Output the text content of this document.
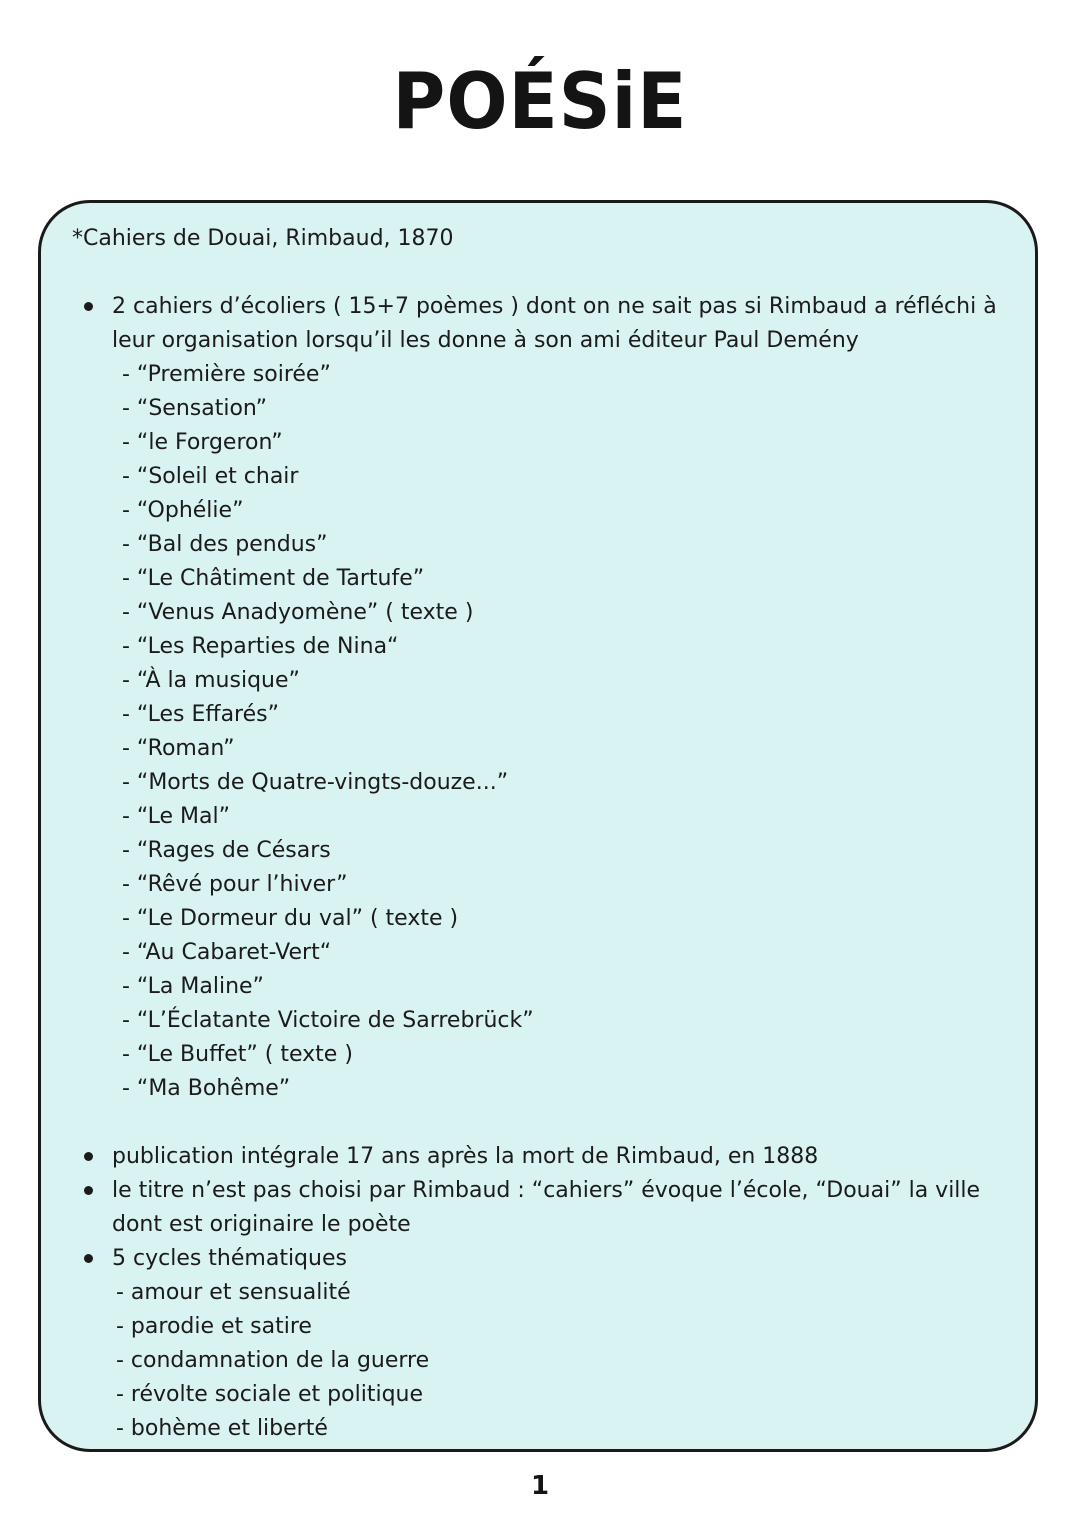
POÉSiE
*Cahiers de Douai, Rimbaud, 1870
2 cahiers d’écoliers ( 15+7 poèmes ) dont on ne sait pas si Rimbaud a réfléchi à
leur organisation lorsqu’il les donne à son ami éditeur Paul Demény
- “Première soirée”
- “Sensation”
- “le Forgeron”
- “Soleil et chair
- “Ophélie”
- “Bal des pendus”
- “Le Châtiment de Tartufe”
- “Venus Anadyomène” ( texte )
- “Les Reparties de Nina“
- “À la musique”
- “Les Effarés”
- “Roman”
- “Morts de Quatre-vingts-douze...”
- “Le Mal”
- “Rages de Césars
- “Rêvé pour l’hiver”
- “Le Dormeur du val” ( texte )
- “Au Cabaret-Vert“
- “La Maline”
- “L’Éclatante Victoire de Sarrebrück”
- “Le Buffet” ( texte )
- “Ma Bohême”
publication intégrale 17 ans après la mort de Rimbaud, en 1888
le titre n’est pas choisi par Rimbaud : “cahiers” évoque l’école, “Douai” la ville
dont est originaire le poète
5 cycles thématiques
- amour et sensualité
- parodie et satire
- condamnation de la guerre
- révolte sociale et politique
- bohème et liberté
1
